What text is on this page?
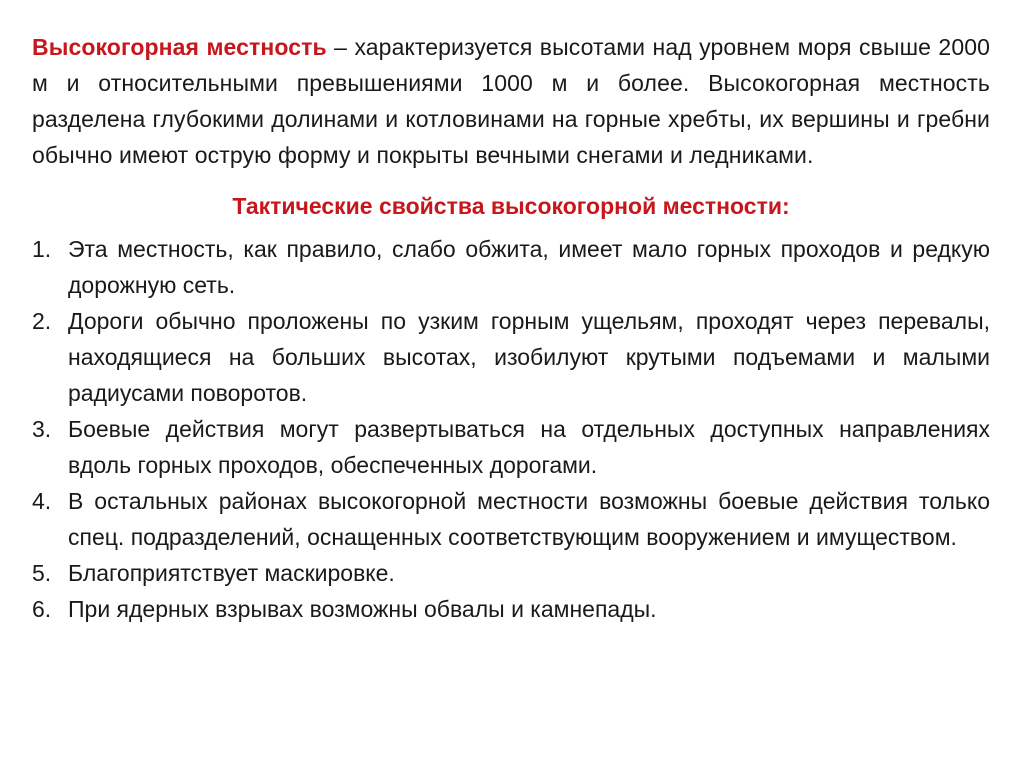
Высокогорная местность – характеризуется высотами над уровнем моря свыше 2000 м и относительными превышениями 1000 м и более. Высокогорная местность разделена глубокими долинами и котловинами на горные хребты, их вершины и гребни обычно имеют острую форму и покрыты вечными снегами и ледниками.

Тактические свойства высокогорной местности:
1. Эта местность, как правило, слабо обжита, имеет мало горных проходов и редкую дорожную сеть.
2. Дороги обычно проложены по узким горным ущельям, проходят через перевалы, находящиеся на больших высотах, изобилуют крутыми подъемами и малыми радиусами поворотов.
3. Боевые действия могут развертываться на отдельных доступных направлениях вдоль горных проходов, обеспеченных дорогами.
4. В остальных районах высокогорной местности возможны боевые действия только спец. подразделений, оснащенных соответствующим вооружением и имуществом.
5. Благоприятствует маскировке.
6. При ядерных взрывах возможны обвалы и камнепады.
